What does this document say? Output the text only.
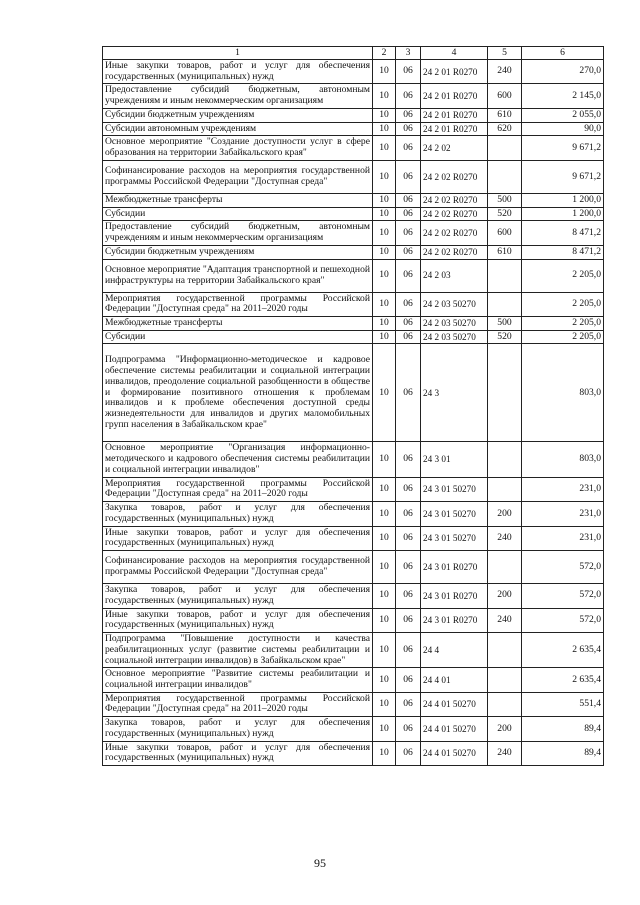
1	2	3	4	5	6
Иные закупки товаров, работ и услуг для обеспечения государственных (муниципальных) нужд	10	06	24 2 01 R0270	240	270,0
Предоставление субсидий бюджетным, автономным учреждениям и иным некоммерческим организациям	10	06	24 2 01 R0270	600	2 145,0
Субсидии бюджетным учреждениям	10	06	24 2 01 R0270	610	2 055,0
Субсидии автономным учреждениям	10	06	24 2 01 R0270	620	90,0
Основное мероприятие "Создание доступности услуг в сфере образования на территории Забайкальского края"	10	06	24 2 02		9 671,2
Софинансирование расходов на мероприятия государственной программы Российской Федерации "Доступная среда"	10	06	24 2 02 R0270		9 671,2
Межбюджетные трансферты	10	06	24 2 02 R0270	500	1 200,0
Субсидии	10	06	24 2 02 R0270	520	1 200,0
Предоставление субсидий бюджетным, автономным учреждениям и иным некоммерческим организациям	10	06	24 2 02 R0270	600	8 471,2
Субсидии бюджетным учреждениям	10	06	24 2 02 R0270	610	8 471,2
Основное мероприятие "Адаптация транспортной и пешеходной инфраструктуры на территории Забайкальского края"	10	06	24 2 03		2 205,0
Мероприятия государственной программы Российской Федерации "Доступная среда" на 2011–2020 годы	10	06	24 2 03 50270		2 205,0
Межбюджетные трансферты	10	06	24 2 03 50270	500	2 205,0
Субсидии	10	06	24 2 03 50270	520	2 205,0
Подпрограмма "Информационно-методическое и кадровое обеспечение системы реабилитации и социальной интеграции инвалидов, преодоление социальной разобщенности в обществе и формирование позитивного отношения к проблемам инвалидов и к проблеме обеспечения доступной среды жизнедеятельности для инвалидов и других маломобильных групп населения в Забайкальском крае"	10	06	24 3		803,0
Основное мероприятие "Организация информационно-методического и кадрового обеспечения системы реабилитации и социальной интеграции инвалидов"	10	06	24 3 01		803,0
Мероприятия государственной программы Российской Федерации "Доступная среда" на 2011–2020 годы	10	06	24 3 01 50270		231,0
Закупка товаров, работ и услуг для обеспечения государственных (муниципальных) нужд	10	06	24 3 01 50270	200	231,0
Иные закупки товаров, работ и услуг для обеспечения государственных (муниципальных) нужд	10	06	24 3 01 50270	240	231,0
Софинансирование расходов на мероприятия государственной программы Российской Федерации "Доступная среда"	10	06	24 3 01 R0270		572,0
Закупка товаров, работ и услуг для обеспечения государственных (муниципальных) нужд	10	06	24 3 01 R0270	200	572,0
Иные закупки товаров, работ и услуг для обеспечения государственных (муниципальных) нужд	10	06	24 3 01 R0270	240	572,0
Подпрограмма "Повышение доступности и качества реабилитационных услуг (развитие системы реабилитации и социальной интеграции инвалидов) в Забайкальском крае"	10	06	24 4		2 635,4
Основное мероприятие "Развитие системы реабилитации и социальной интеграции инвалидов"	10	06	24 4 01		2 635,4
Мероприятия государственной программы Российской Федерации "Доступная среда" на 2011–2020 годы	10	06	24 4 01 50270		551,4
Закупка товаров, работ и услуг для обеспечения государственных (муниципальных) нужд	10	06	24 4 01 50270	200	89,4
Иные закупки товаров, работ и услуг для обеспечения государственных (муниципальных) нужд	10	06	24 4 01 50270	240	89,4
95
